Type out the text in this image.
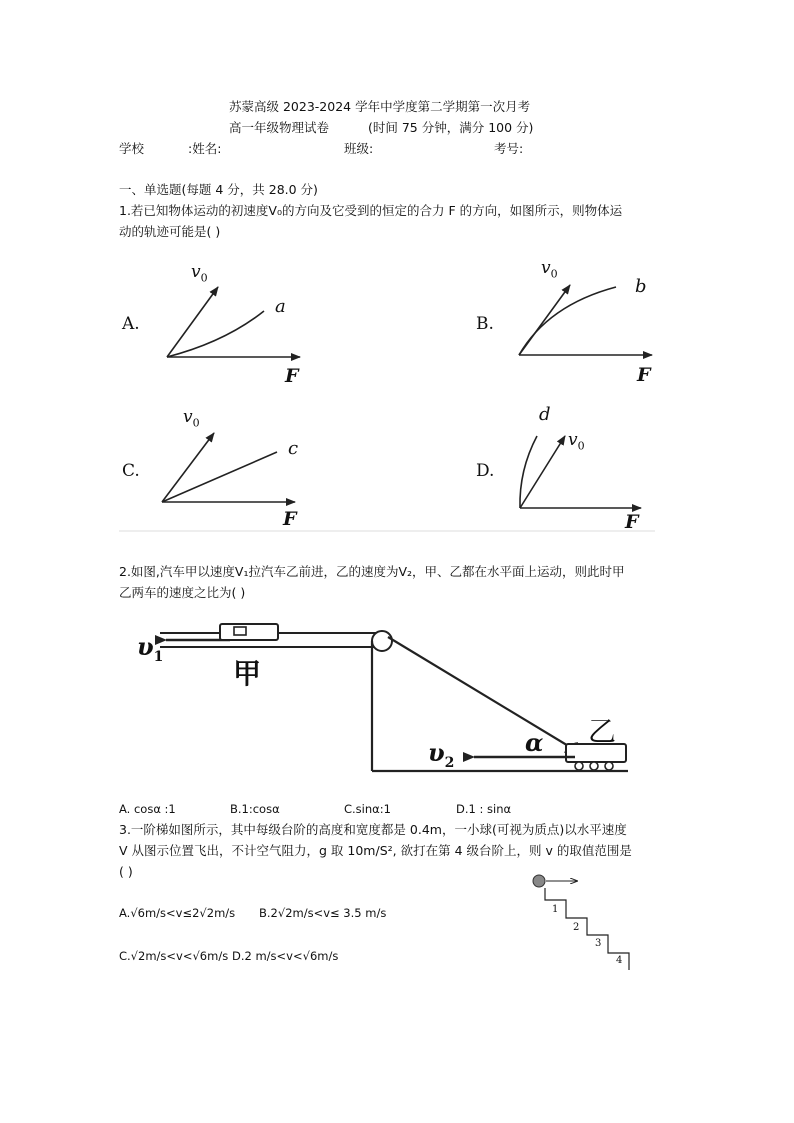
苏蒙高级 2023-2024 学年中学度第二学期第一次月考
高一年级物理试卷	(时间 75 分钟，满分 100 分)
学校	:姓名:	班级:	考号:
一、单选题(每题 4 分，共 28.0 分)
1.若已知物体运动的初速度V₀的方向及它受到的恒定的合力 F 的方向，如图所示，则物体运
动的轨迹可能是( )
A.
$v_0$
a
F
B.
$v_0$
b
F
C.
$v_0$
c
F
D.
$v_0$
d
F
2.如图,汽车甲以速度V₁拉汽车乙前进，乙的速度为V₂，甲、乙都在水平面上运动，则此时甲
乙两车的速度之比为( )
$\upsilon_1$
甲
$\upsilon_2$
α 乙
A. cosα :1	B.1:cosα	C.sinα:1	D.1 : sinα
3.一阶梯如图所示，其中每级台阶的高度和宽度都是 0.4m，一小球(可视为质点)以水平速度
V 从图示位置飞出，不计空气阻力，g 取 10m/S², 欲打在第 4 级台阶上，则 v 的取值范围是
( )
A.√6m/s<v≤2√2m/s B.2√2m/s<v≤ 3.5 m/s
C.√2m/s<v<√6m/s D.2 m/s<v<√6m/s
1
2
3
4
